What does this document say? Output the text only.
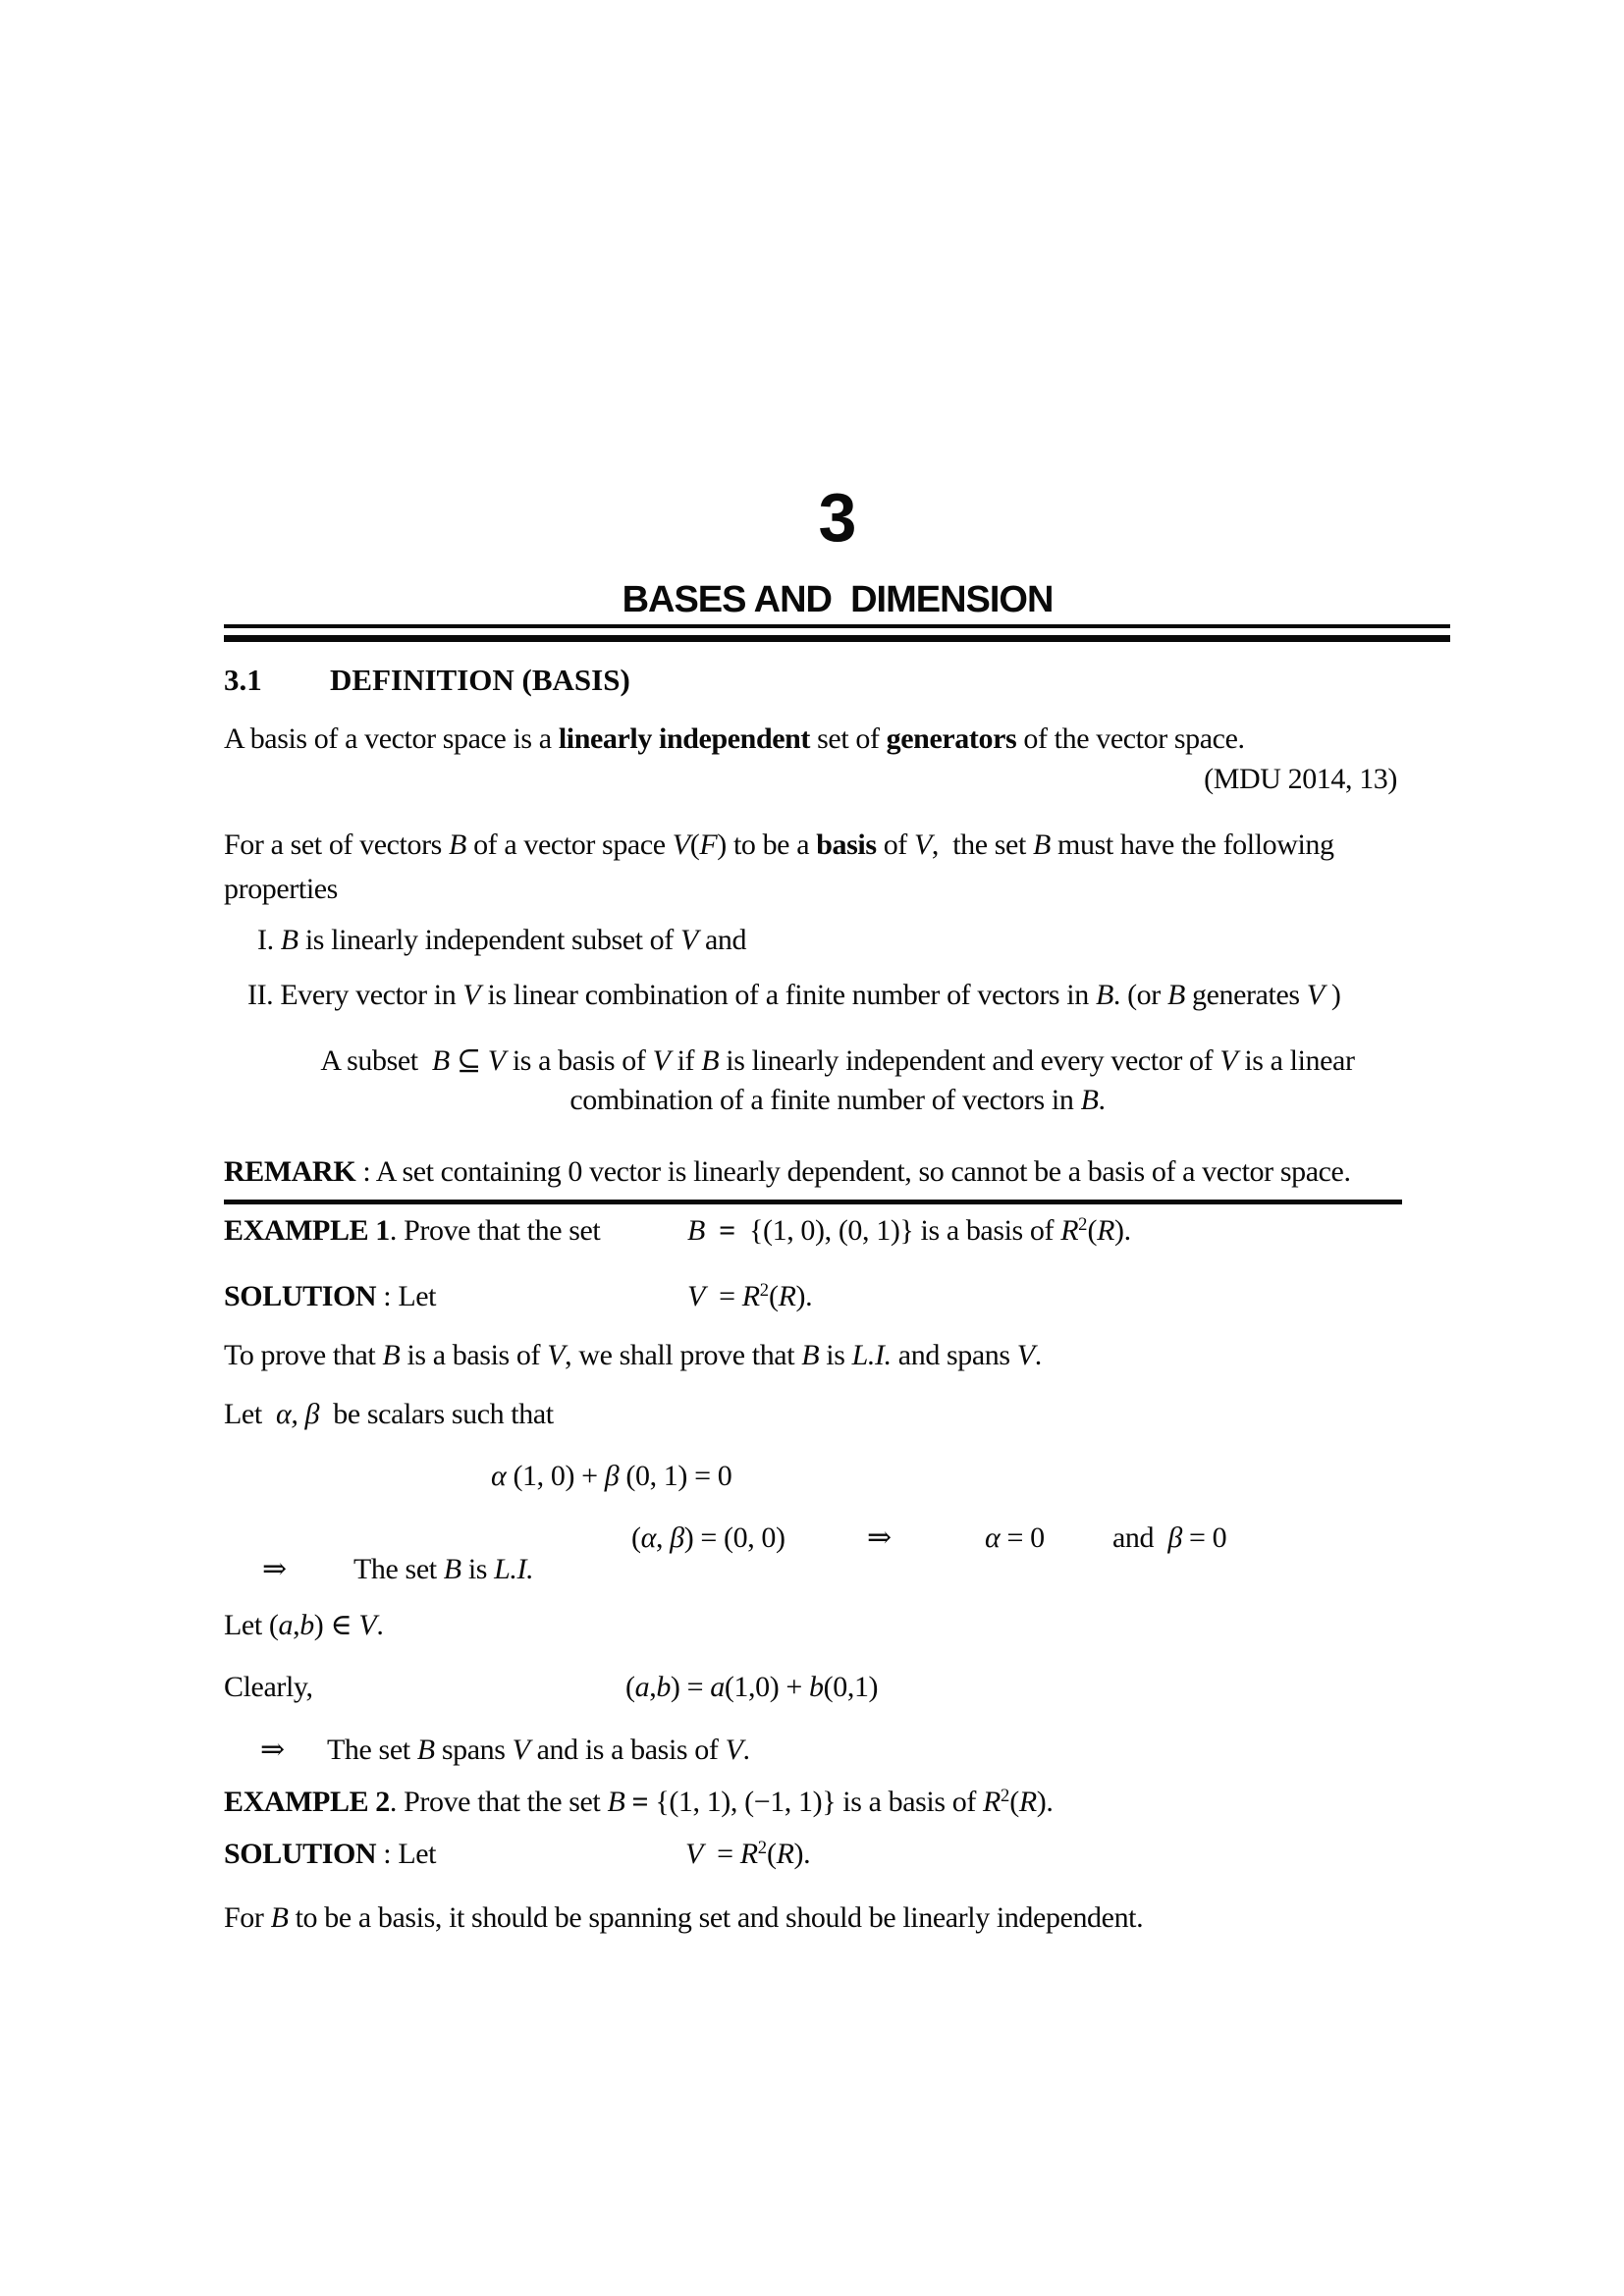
3
BASES AND  DIMENSION

3.1

DEFINITION (BASIS)

A basis of a vector space is a linearly independent set of generators of the vector space.
(MDU 2014, 13)
For a set of vectors B of a vector space V(F) to be a basis of V,  the set B must have the following
properties
I. B is linearly independent subset of V and
II. Every vector in V is linear combination of a finite number of vectors in B. (or B generates V )
A subset  B ⊆ V is a basis of V if B is linearly independent and every vector of V is a linear
combination of a finite number of vectors in B.
REMARK : A set containing 0 vector is linearly dependent, so cannot be a basis of a vector space.

EXAMPLE 1. Prove that the set

	B =  {(1, 0), (0, 1)} is a basis of $R^2(R)$.

SOLUTION : Let

	$V = R^2(R)$.

To prove that B is a basis of V, we shall prove that B is L.I. and spans V.
Let  α, β  be scalars such that

α (1, 0) + β (0, 1) = 0

(α, β) = (0, 0)

	⇒

	α = 0

and  β = 0

⇒

The set B is L.I.

Let (a,b) ∈ V.

Clearly,

	(a,b) = a(1,0) + b(0,1)

⇒

The set B spans V and is a basis of V.

EXAMPLE 2. Prove that the set B = {(1, 1), (−1, 1)} is a basis of $R^2(R)$.

SOLUTION : Let

	$V = R^2(R)$.

For B to be a basis, it should be spanning set and should be linearly independent.
